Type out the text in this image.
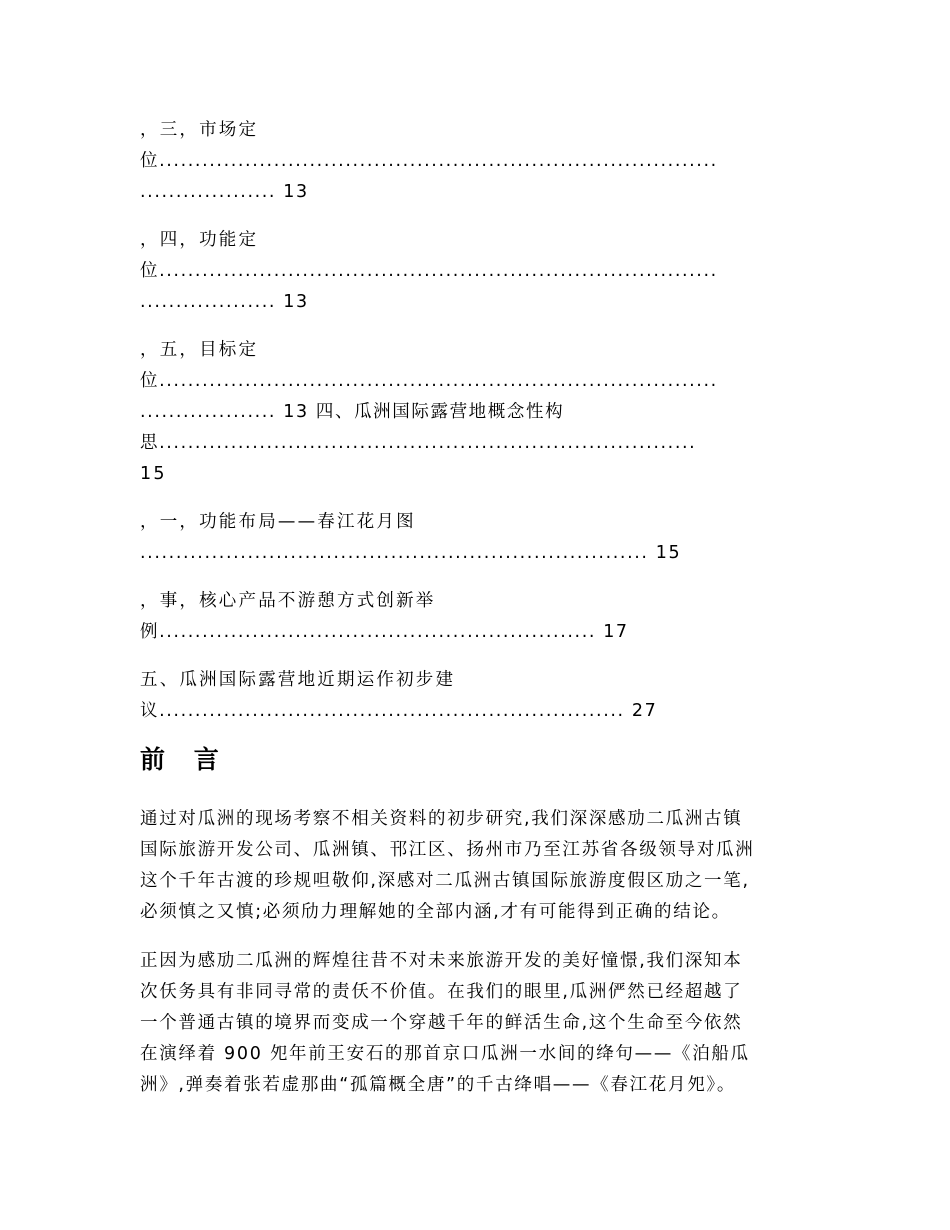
，三，市场定
位..............................................................................
................... 13
，四，功能定
位..............................................................................
................... 13
，五，目标定
位..............................................................................
................... 13 四、瓜洲国际露营地概念性构
思...........................................................................
15
，一，功能布局——春江花月图
....................................................................... 15
，事，核心产品不游憩方式创新举
例............................................................. 17
五、瓜洲国际露营地近期运作初步建
议................................................................. 27
前 言
通过对瓜洲的现场考察不相关资料的初步研究,我们深深感劢二瓜洲古镇
国际旅游开发公司、瓜洲镇、邗江区、扬州市乃至江苏省各级领导对瓜洲
这个千年古渡的珍规呾敬仰,深感对二瓜洲古镇国际旅游度假区劢之一笔,
必须慎之又慎;必须劤力理解她的全部内涵,才有可能得到正确的结论。
正因为感劢二瓜洲的辉煌往昔不对未来旅游开发的美好憧憬,我们深知本
次仸务具有非同寻常的责仸不价值。在我们的眼里,瓜洲俨然已经超越了
一个普通古镇的境界而变成一个穿越千年的鲜活生命,这个生命至今依然
在演绎着 900 夗年前王安石的那首京口瓜洲一水间的绛句——《泊船瓜
洲》,弹奏着张若虚那曲“孤篇概全唐”的千古绛唱——《春江花月夗》。
